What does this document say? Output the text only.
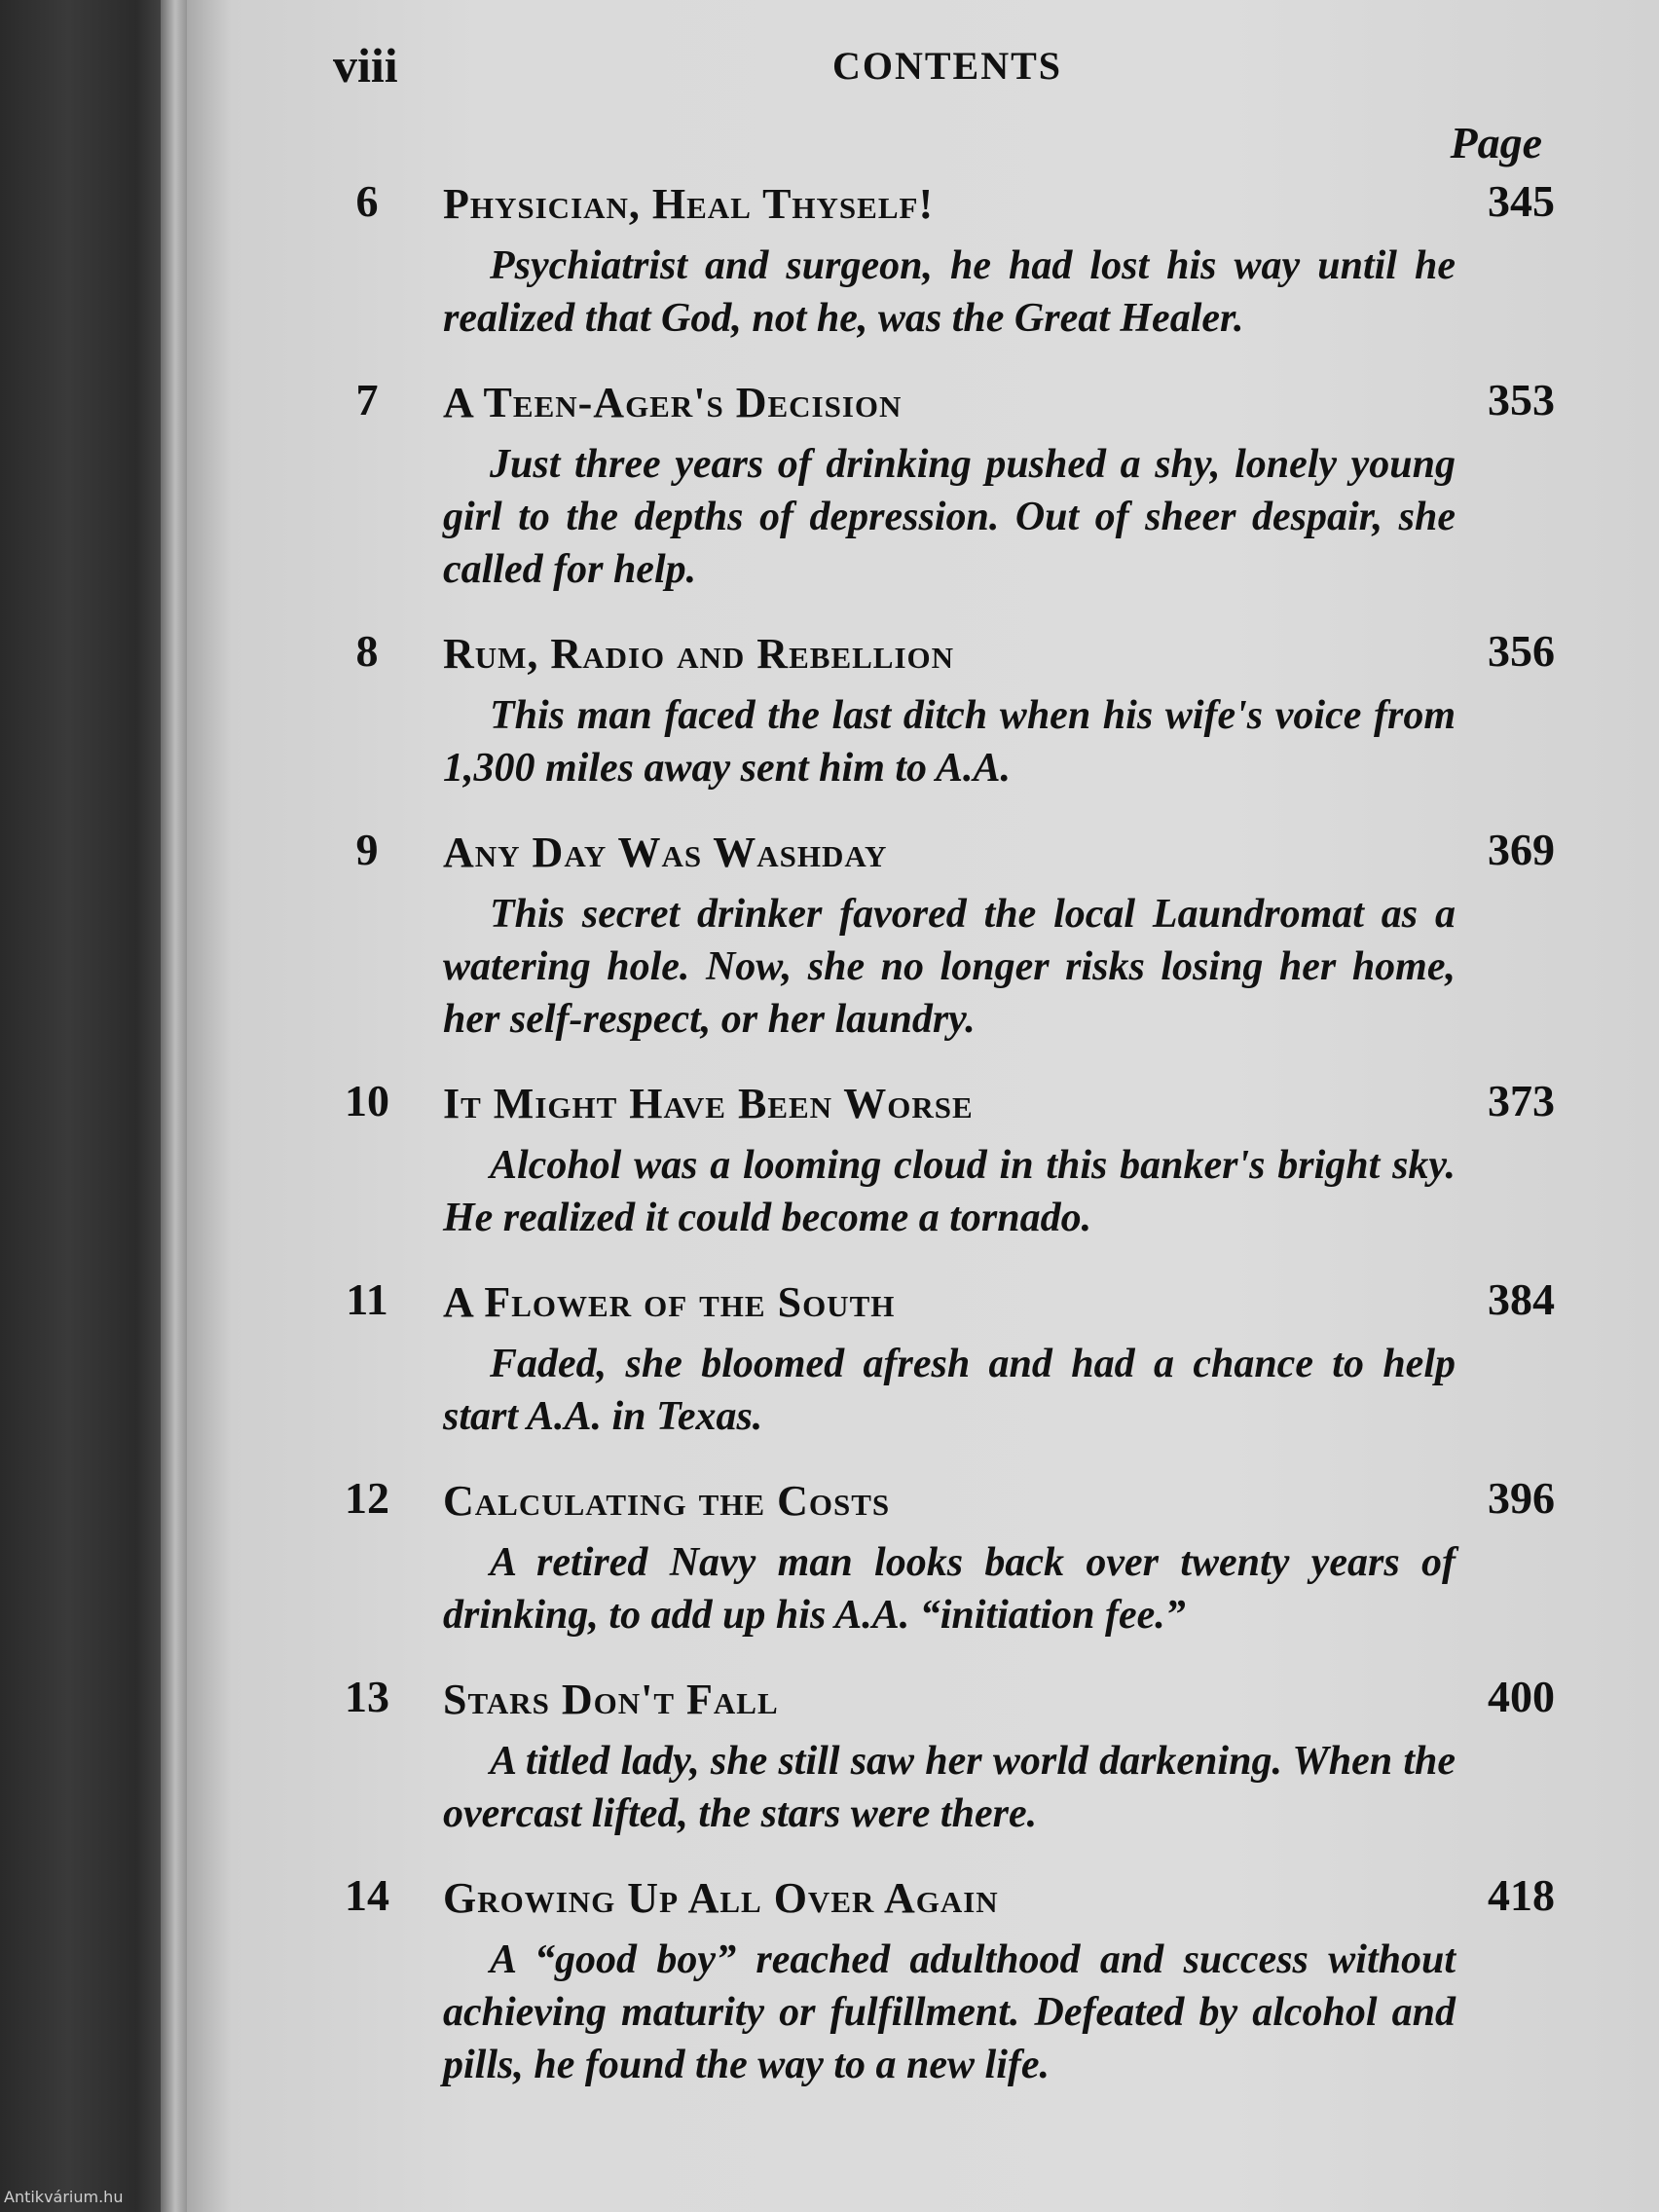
viii	CONTENTS
Page
6	Physician, Heal Thyself!	345
Psychiatrist and surgeon, he had lost his way until he realized that God, not he, was the Great Healer.
7	A Teen-Ager's Decision	353
Just three years of drinking pushed a shy, lonely young girl to the depths of depression. Out of sheer despair, she called for help.
8	Rum, Radio and Rebellion	356
This man faced the last ditch when his wife's voice from 1,300 miles away sent him to A.A.
9	Any Day Was Washday	369
This secret drinker favored the local Laundromat as a watering hole. Now, she no longer risks losing her home, her self-respect, or her laundry.
10	It Might Have Been Worse	373
Alcohol was a looming cloud in this banker's bright sky. He realized it could become a tornado.
11	A Flower of the South	384
Faded, she bloomed afresh and had a chance to help start A.A. in Texas.
12	Calculating the Costs	396
A retired Navy man looks back over twenty years of drinking, to add up his A.A. “initiation fee.”
13	Stars Don't Fall	400
A titled lady, she still saw her world darkening. When the overcast lifted, the stars were there.
14	Growing Up All Over Again	418
A “good boy” reached adulthood and success without achieving maturity or fulfillment. Defeated by alcohol and pills, he found the way to a new life.
Antikvárium.hu
